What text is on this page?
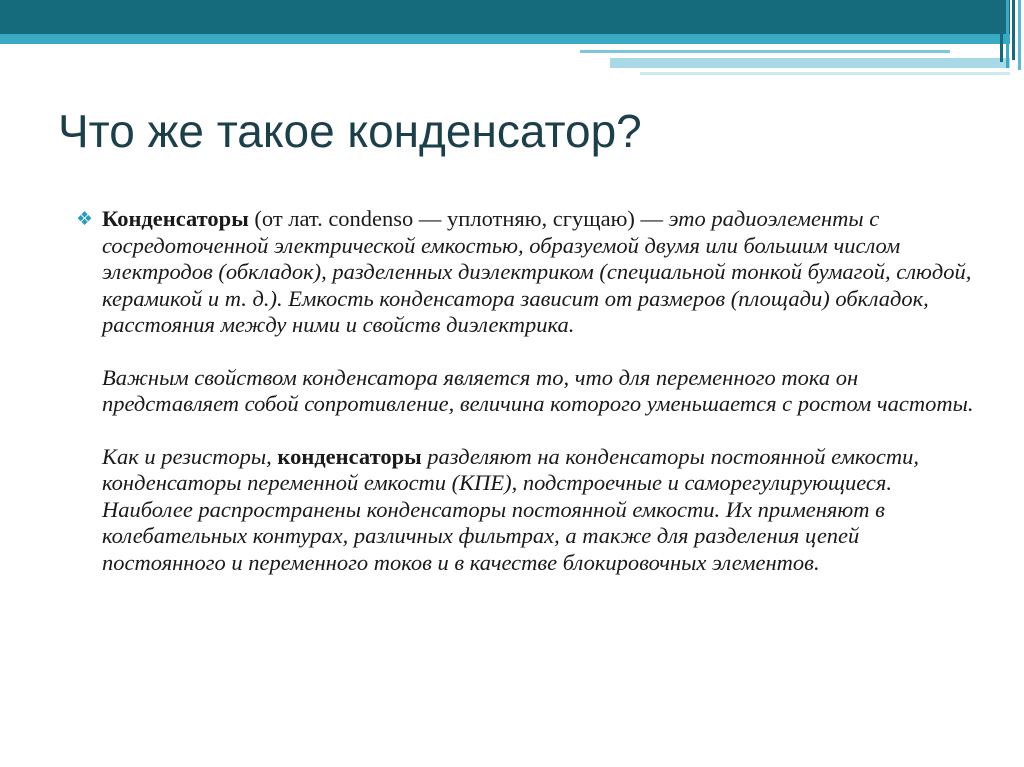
Что же такое конденсатор?
❖ Конденсаторы (от лат. condenso — уплотняю, сгущаю) — это радиоэлементы с сосредоточенной электрической емкостью, образуемой двумя или большим числом электродов (обкладок), разделенных диэлектриком (специальной тонкой бумагой, слюдой, керамикой и т. д.). Емкость конденсатора зависит от размеров (площади) обкладок, расстояния между ними и свойств диэлектрика.

Важным свойством конденсатора является то, что для переменного тока он представляет собой сопротивление, величина которого уменьшается с ростом частоты.

Как и резисторы, конденсаторы разделяют на конденсаторы постоянной емкости, конденсаторы переменной емкости (КПЕ), подстроечные и саморегулирующиеся. Наиболее распространены конденсаторы постоянной емкости. Их применяют в колебательных контурах, различных фильтрах, а также для разделения цепей постоянного и переменного токов и в качестве блокировочных элементов.
